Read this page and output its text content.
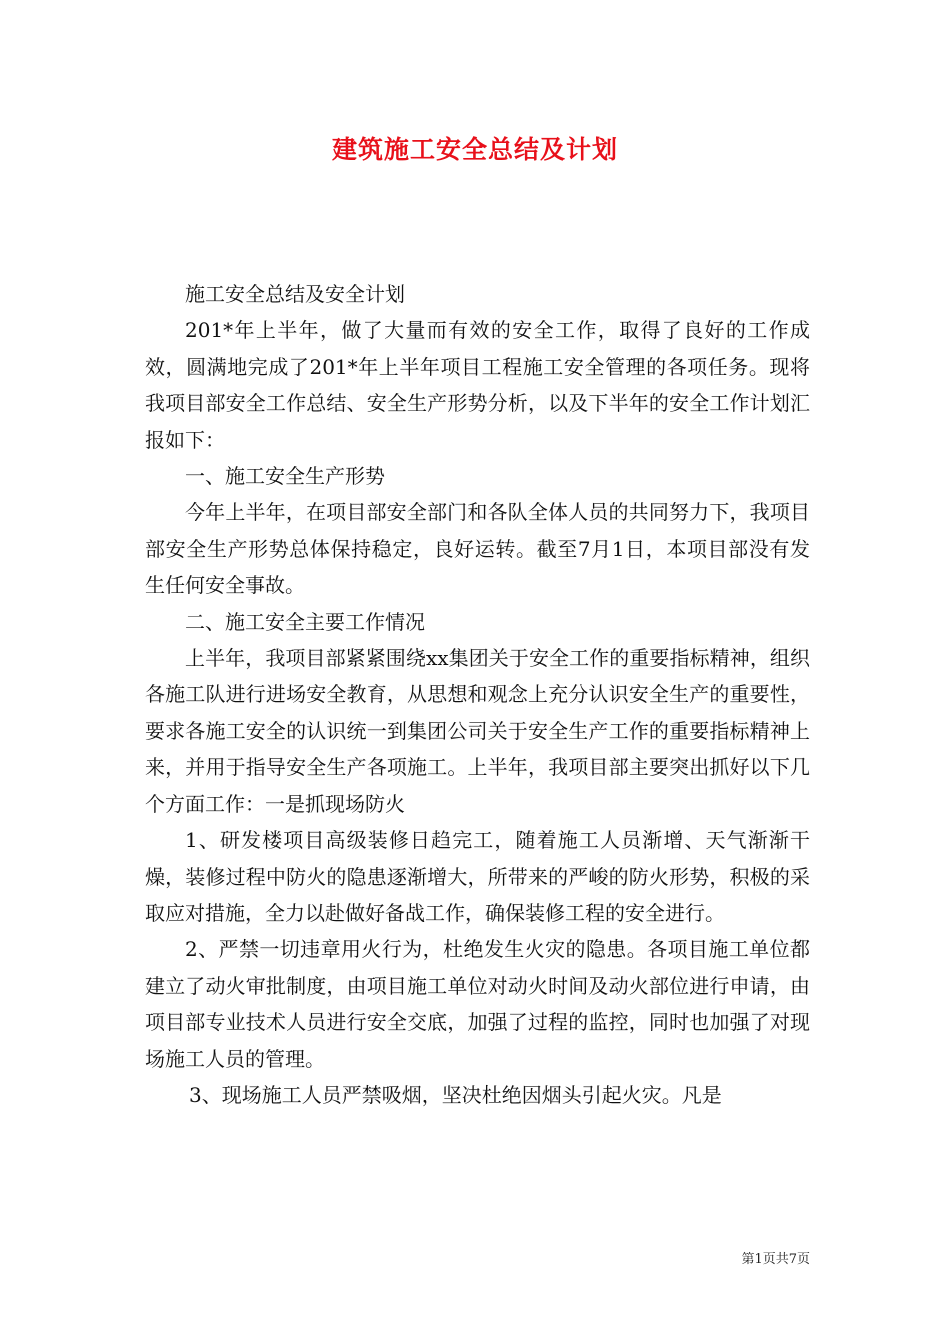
建筑施工安全总结及计划

施工安全总结及安全计划

201*年上半年，做了大量而有效的安全工作，取得了良好的工作成效，圆满地完成了201*年上半年项目工程施工安全管理的各项任务。现将我项目部安全工作总结、安全生产形势分析，以及下半年的安全工作计划汇报如下：

一、施工安全生产形势

今年上半年，在项目部安全部门和各队全体人员的共同努力下，我项目部安全生产形势总体保持稳定，良好运转。截至7月1日，本项目部没有发生任何安全事故。

二、施工安全主要工作情况

上半年，我项目部紧紧围绕xx集团关于安全工作的重要指标精神，组织各施工队进行进场安全教育，从思想和观念上充分认识安全生产的重要性，要求各施工安全的认识统一到集团公司关于安全生产工作的重要指标精神上来，并用于指导安全生产各项施工。上半年，我项目部主要突出抓好以下几个方面工作：一是抓现场防火

1、研发楼项目高级装修日趋完工，随着施工人员渐增、天气渐渐干燥，装修过程中防火的隐患逐渐增大，所带来的严峻的防火形势，积极的采取应对措施，全力以赴做好备战工作，确保装修工程的安全进行。

2、严禁一切违章用火行为，杜绝发生火灾的隐患。各项目施工单位都建立了动火审批制度，由项目施工单位对动火时间及动火部位进行申请，由项目部专业技术人员进行安全交底，加强了过程的监控，同时也加强了对现场施工人员的管理。

3、现场施工人员严禁吸烟，坚决杜绝因烟头引起火灾。凡是

第1页共7页
